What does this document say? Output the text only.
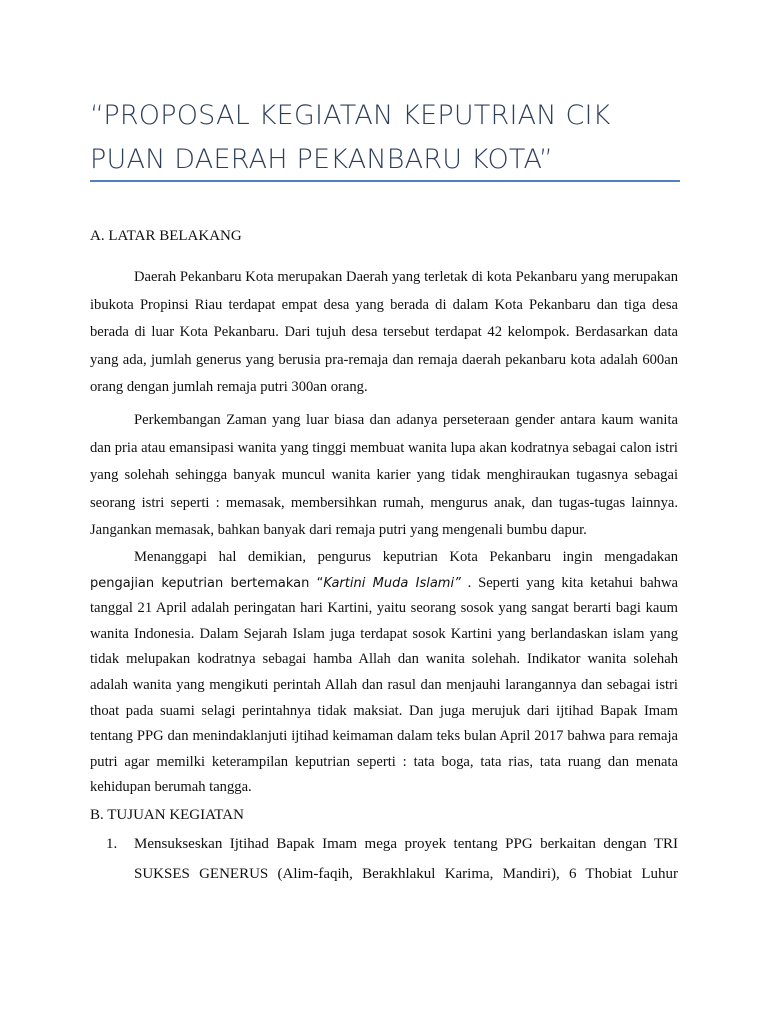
“PROPOSAL KEGIATAN KEPUTRIAN CIK PUAN DAERAH PEKANBARU KOTA”
A. LATAR BELAKANG

Daerah Pekanbaru Kota merupakan Daerah yang terletak di kota Pekanbaru yang merupakan ibukota Propinsi Riau terdapat empat desa yang berada di dalam Kota Pekanbaru dan tiga desa berada di luar Kota Pekanbaru. Dari tujuh desa tersebut terdapat 42 kelompok. Berdasarkan data yang ada, jumlah generus yang berusia pra-remaja dan remaja daerah pekanbaru kota adalah 600an orang dengan jumlah remaja putri 300an orang.

Perkembangan Zaman yang luar biasa dan adanya perseteraan gender antara kaum wanita dan pria atau emansipasi wanita yang tinggi membuat wanita lupa akan kodratnya sebagai calon istri yang solehah sehingga banyak muncul wanita karier yang tidak menghiraukan tugasnya sebagai seorang istri seperti : memasak, membersihkan rumah, mengurus anak, dan tugas-tugas lainnya. Jangankan memasak, bahkan banyak dari remaja putri yang mengenali bumbu dapur.

Menanggapi hal demikian, pengurus keputrian Kota Pekanbaru ingin mengadakan pengajian keputrian bertemakan “Kartini Muda Islami” . Seperti yang kita ketahui bahwa tanggal 21 April adalah peringatan hari Kartini, yaitu seorang sosok yang sangat berarti bagi kaum wanita Indonesia. Dalam Sejarah Islam juga terdapat sosok Kartini yang berlandaskan islam yang tidak melupakan kodratnya sebagai hamba Allah dan wanita solehah. Indikator wanita solehah adalah wanita yang mengikuti perintah Allah dan rasul dan menjauhi larangannya dan sebagai istri thoat pada suami selagi perintahnya tidak maksiat. Dan juga merujuk dari ijtihad Bapak Imam tentang PPG dan menindaklanjuti ijtihad keimaman dalam teks bulan April 2017 bahwa para remaja putri agar memilki keterampilan keputrian seperti : tata boga, tata rias, tata ruang dan menata kehidupan berumah tangga.

B. TUJUAN KEGIATAN
1. Mensukseskan Ijtihad Bapak Imam mega proyek tentang PPG berkaitan dengan TRI SUKSES GENERUS (Alim-faqih, Berakhlakul Karima, Mandiri), 6 Thobiat Luhur
